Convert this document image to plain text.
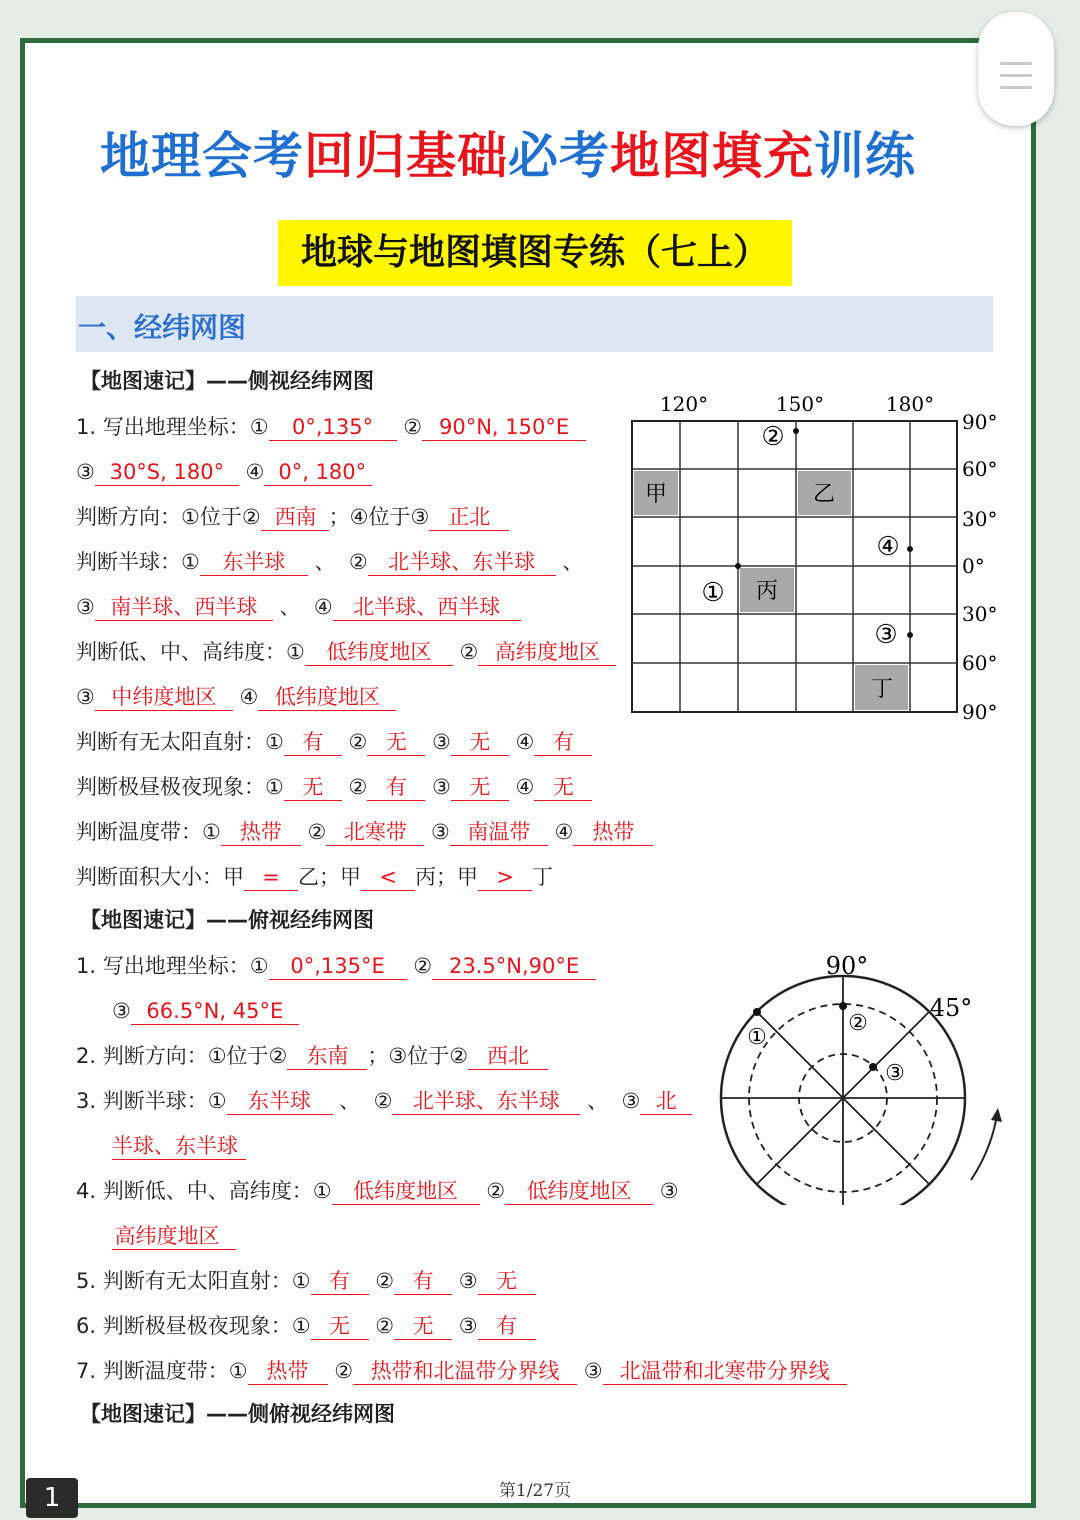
地理会考回归基础必考地图填充训练
地球与地图填图专练（七上）
一、经纬网图
【地图速记】——侧视经纬网图
1. 写出地理坐标：① 0°,135° ② 90°N, 150°E
③ 30°S, 180° ④ 0°, 180°
判断方向：①位于② 西南 ；④位于③ 正北
判断半球：① 东半球 、 ② 北半球、东半球 、
③ 南半球、西半球 、 ④ 北半球、西半球
判断低、中、高纬度：① 低纬度地区 ② 高纬度地区
③ 中纬度地区 ④ 低纬度地区
判断有无太阳直射：① 有 ② 无 ③ 无 ④ 有
判断极昼极夜现象：① 无 ② 有 ③ 无 ④ 无
判断温度带：① 热带 ② 北寒带 ③ 南温带 ④ 热带
判断面积大小：甲 = 乙；甲 < 丙；甲 > 丁
【地图速记】——俯视经纬网图
1. 写出地理坐标：① 0°,135°E ② 23.5°N,90°E
③ 66.5°N, 45°E
2. 判断方向：①位于② 东南 ；③位于② 西北
3. 判断半球：① 东半球 、 ② 北半球、东半球 、 ③ 北
半球、东半球
4. 判断低、中、高纬度：① 低纬度地区 ② 低纬度地区 ③
高纬度地区
5. 判断有无太阳直射：① 有 ② 有 ③ 无
6. 判断极昼极夜现象：① 无 ② 无 ③ 有
7. 判断温度带：① 热带 ② 热带和北温带分界线 ③ 北温带和北寒带分界线
【地图速记】——侧俯视经纬网图
甲	乙
丙
丁
120°	150°	180°
90°
60°
30°
0°
30°
60°
90°
①
②
③
④
90°
45°
①
②
③
第1/27页
1
